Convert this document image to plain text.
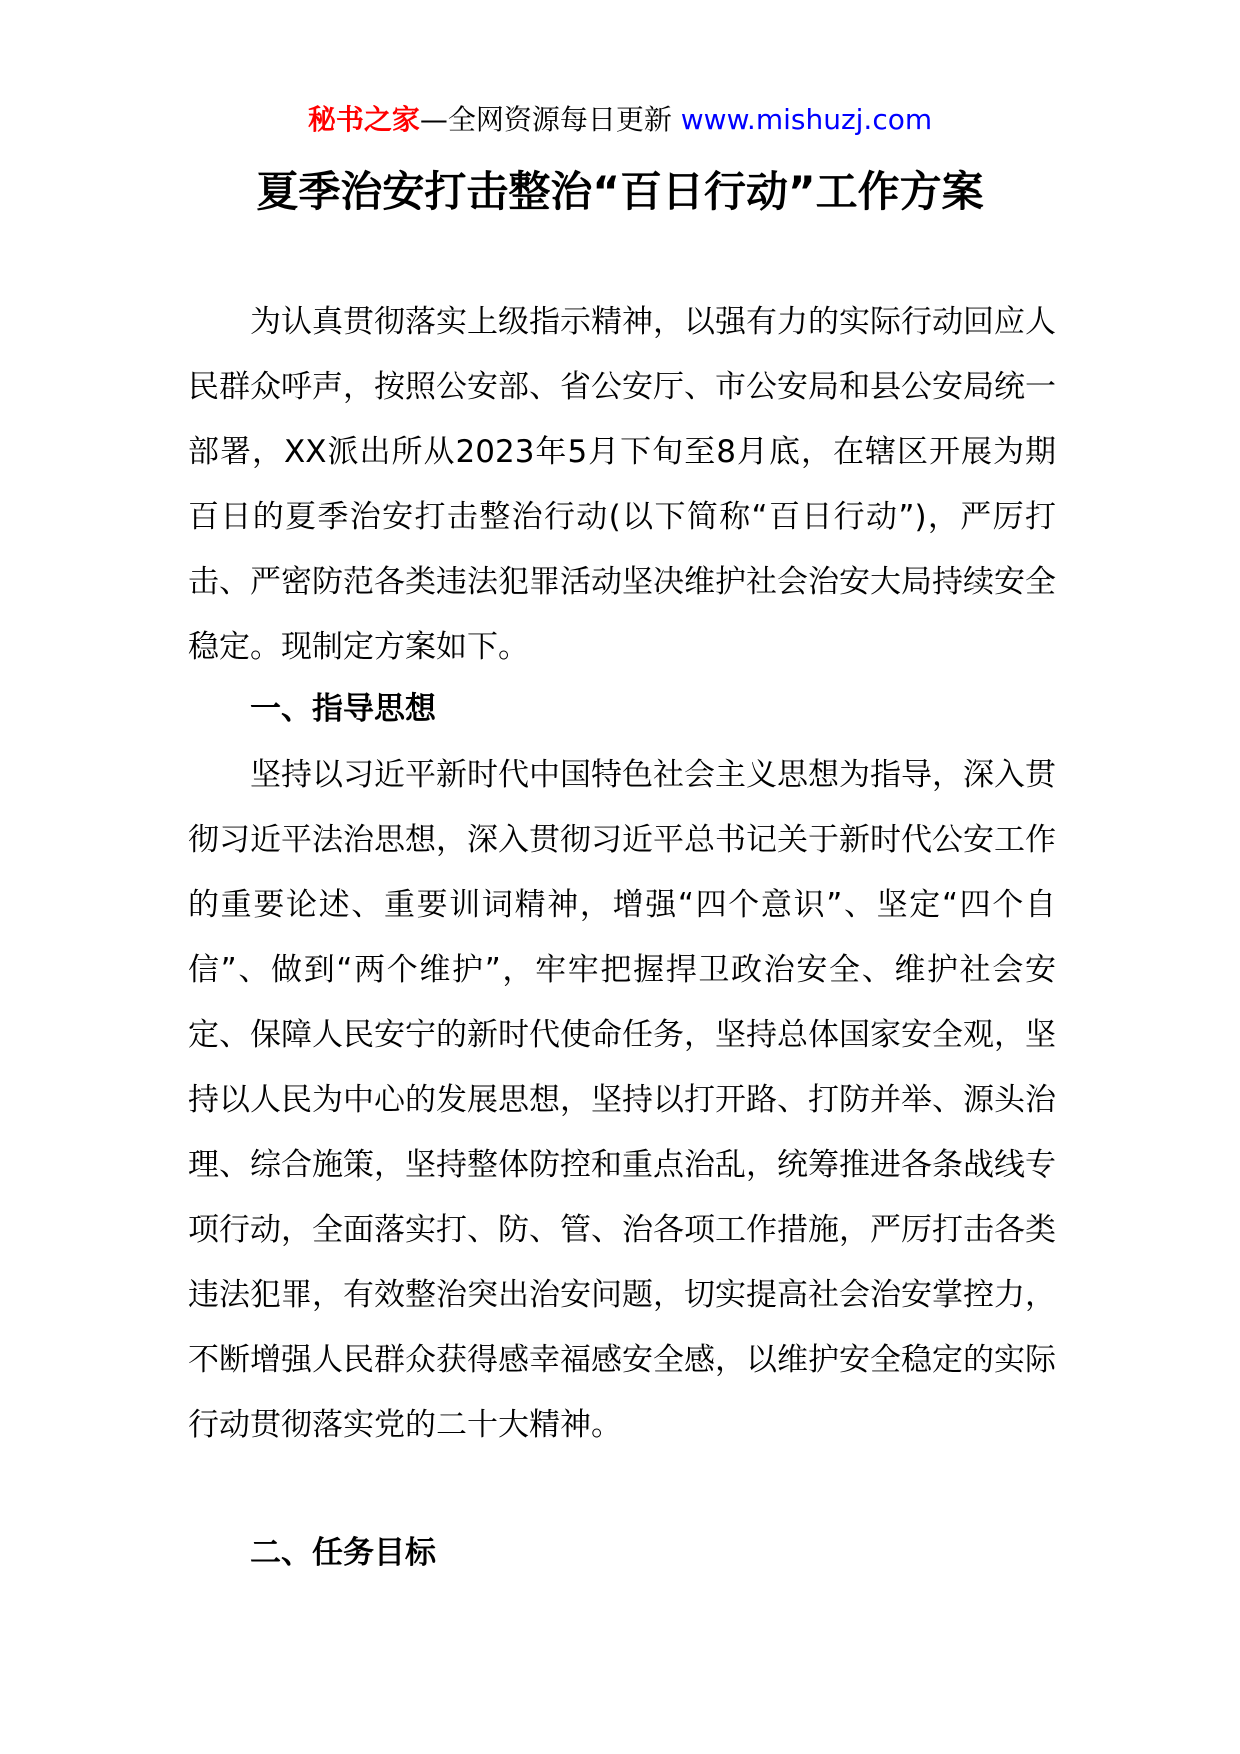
秘书之家—全网资源每日更新 www.mishuzj.com
夏季治安打击整治“百日行动”工作方案

为认真贯彻落实上级指示精神，以强有力的实际行动回应人民群众呼声，按照公安部、省公安厅、市公安局和县公安局统一部署，XX派出所从2023年5月下旬至8月底，在辖区开展为期百日的夏季治安打击整治行动(以下简称“百日行动”)，严厉打击、严密防范各类违法犯罪活动坚决维护社会治安大局持续安全稳定。现制定方案如下。

一、指导思想

坚持以习近平新时代中国特色社会主义思想为指导，深入贯彻习近平法治思想，深入贯彻习近平总书记关于新时代公安工作的重要论述、重要训词精神，增强“四个意识”、坚定“四个自信”、做到“两个维护”，牢牢把握捍卫政治安全、维护社会安定、保障人民安宁的新时代使命任务，坚持总体国家安全观，坚持以人民为中心的发展思想，坚持以打开路、打防并举、源头治理、综合施策，坚持整体防控和重点治乱，统筹推进各条战线专项行动，全面落实打、防、管、治各项工作措施，严厉打击各类违法犯罪，有效整治突出治安问题，切实提高社会治安掌控力，不断增强人民群众获得感幸福感安全感，以维护安全稳定的实际行动贯彻落实党的二十大精神。

二、任务目标
